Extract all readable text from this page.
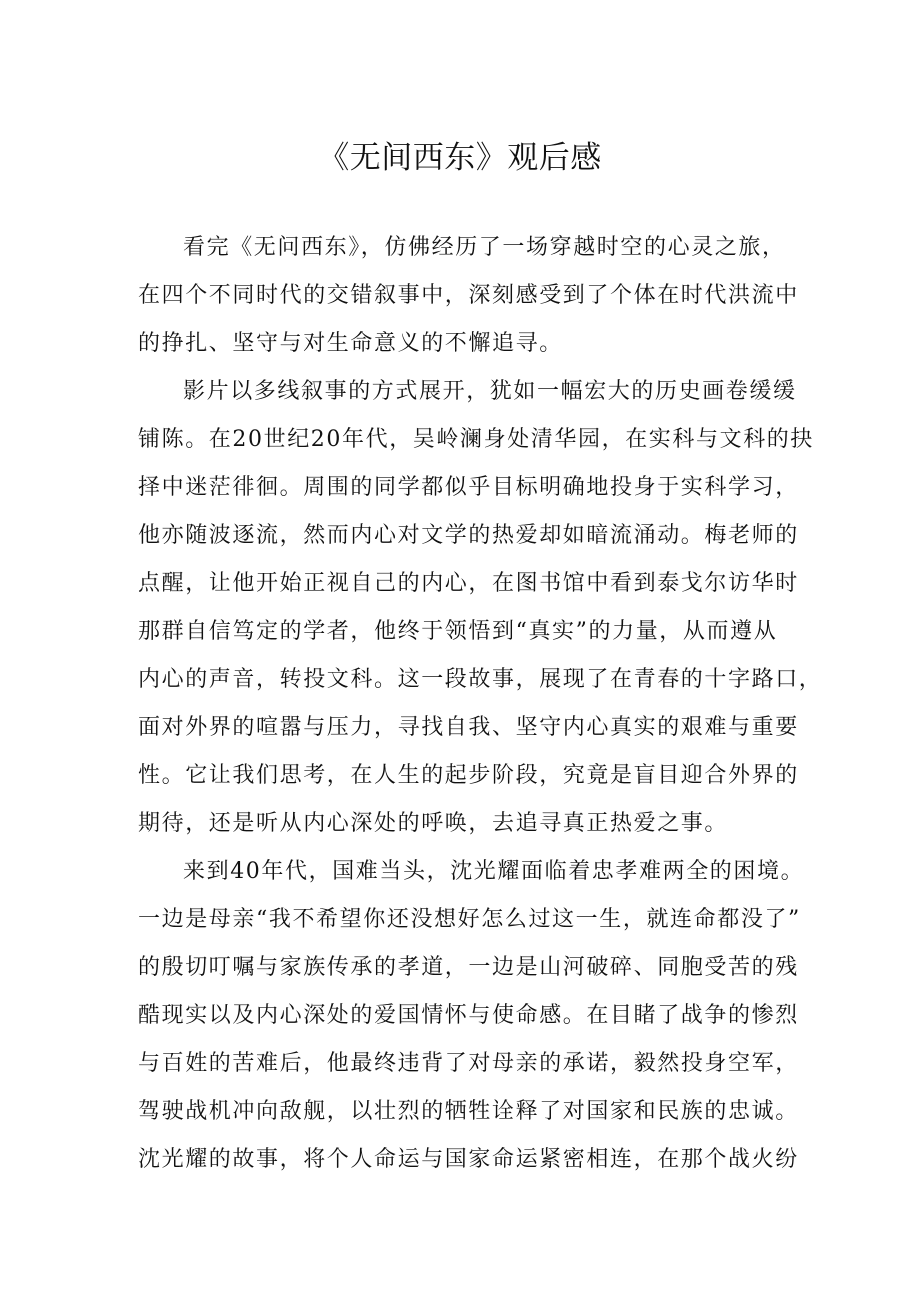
《无间西东》观后感
看完《无问西东》，仿佛经历了一场穿越时空的心灵之旅，
在四个不同时代的交错叙事中，深刻感受到了个体在时代洪流中
的挣扎、坚守与对生命意义的不懈追寻。
影片以多线叙事的方式展开，犹如一幅宏大的历史画卷缓缓
铺陈。在20世纪20年代，吴岭澜身处清华园，在实科与文科的抉
择中迷茫徘徊。周围的同学都似乎目标明确地投身于实科学习，
他亦随波逐流，然而内心对文学的热爱却如暗流涌动。梅老师的
点醒，让他开始正视自己的内心，在图书馆中看到泰戈尔访华时
那群自信笃定的学者，他终于领悟到“真实”的力量，从而遵从
内心的声音，转投文科。这一段故事，展现了在青春的十字路口，
面对外界的喧嚣与压力，寻找自我、坚守内心真实的艰难与重要
性。它让我们思考，在人生的起步阶段，究竟是盲目迎合外界的
期待，还是听从内心深处的呼唤，去追寻真正热爱之事。
来到40年代，国难当头，沈光耀面临着忠孝难两全的困境。
一边是母亲“我不希望你还没想好怎么过这一生，就连命都没了”
的殷切叮嘱与家族传承的孝道，一边是山河破碎、同胞受苦的残
酷现实以及内心深处的爱国情怀与使命感。在目睹了战争的惨烈
与百姓的苦难后，他最终违背了对母亲的承诺，毅然投身空军，
驾驶战机冲向敌舰，以壮烈的牺牲诠释了对国家和民族的忠诚。
沈光耀的故事，将个人命运与国家命运紧密相连，在那个战火纷
